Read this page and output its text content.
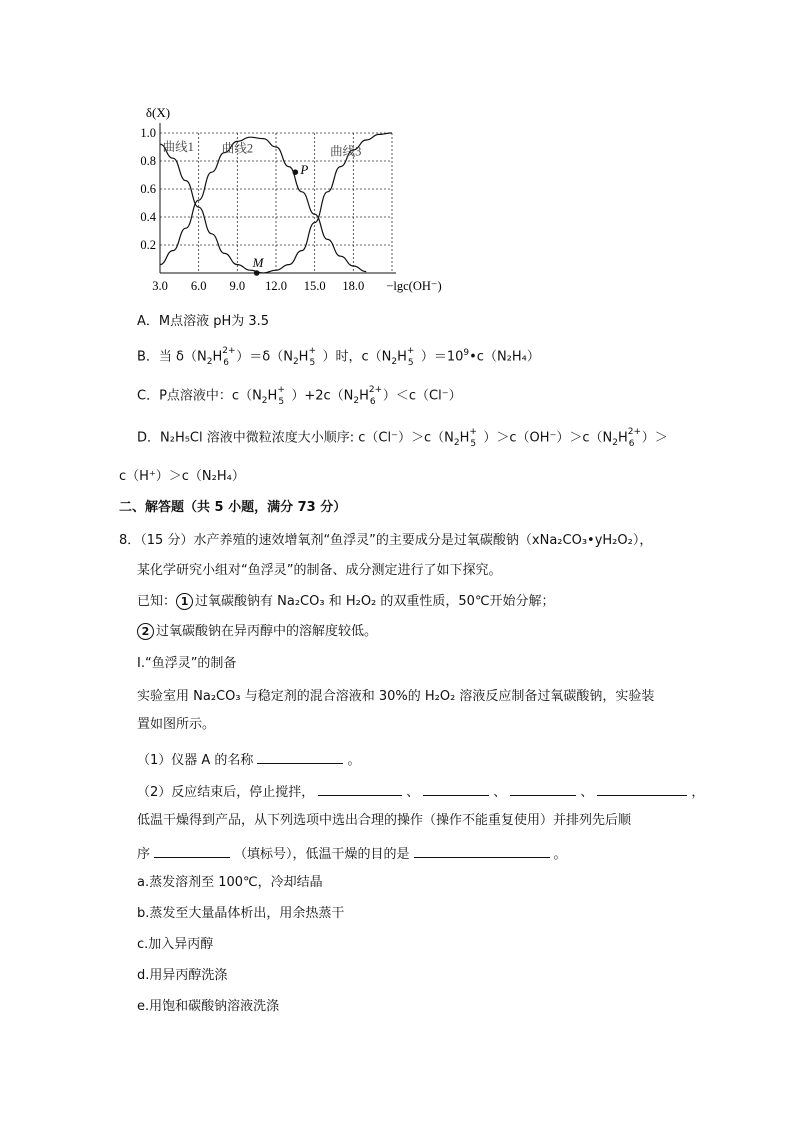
δ(X)
1.0
0.8
0.6
0.4
0.2
3.0 6.0 9.0 12.0 15.0 18.0 −lgc(OH⁻)
曲线1 曲线2	曲线3
P
M
A．M点溶液 pH为 3.5
B．当 $\delta(N_2H$ 2+
6 ）$=\delta(N_2H$ +
5 ）时，$c(N_2H$ +
5 ）$=10^9•c(N_2H_4)$
C．P点溶液中：$c(N_2H$ +
5 ）$+2c(N_2H$ 2+
6 ）＜c（Cl⁻）
D．N₂H₅Cl 溶液中微粒浓度大小顺序: $c(Cl^-)>c(N_2H$ +
5 ）$>c(OH^-)>c(N_2H$ 2+
6 ）＞
c（H⁺）＞c（N₂H₄）
二、解答题（共 5 小题，满分 73 分）
8．（15 分）水产养殖的速效增氧剂“鱼浮灵”的主要成分是过氧碳酸钠（xNa₂CO₃•yH₂O₂），
某化学研究小组对“鱼浮灵”的制备、成分测定进行了如下探究。
已知： 1 过氧碳酸钠有 Na₂CO₃ 和 H₂O₂ 的双重性质，50℃开始分解；
2 过氧碳酸钠在异丙醇中的溶解度较低。
Ⅰ.“鱼浮灵”的制备
实验室用 Na₂CO₃ 与稳定剂的混合溶液和 30%的 H₂O₂ 溶液反应制备过氧碳酸钠，实验装
置如图所示。
（1）仪器 A 的名称	。
（2）反应结束后，停止搅拌，	、	、	、	，
低温干燥得到产品，从下列选项中选出合理的操作（操作不能重复使用）并排列先后顺
序	（填标号），低温干燥的目的是	。
a.蒸发溶剂至 100℃，冷却结晶
b.蒸发至大量晶体析出，用余热蒸干
c.加入异丙醇
d.用异丙醇洗涤
e.用饱和碳酸钠溶液洗涤
